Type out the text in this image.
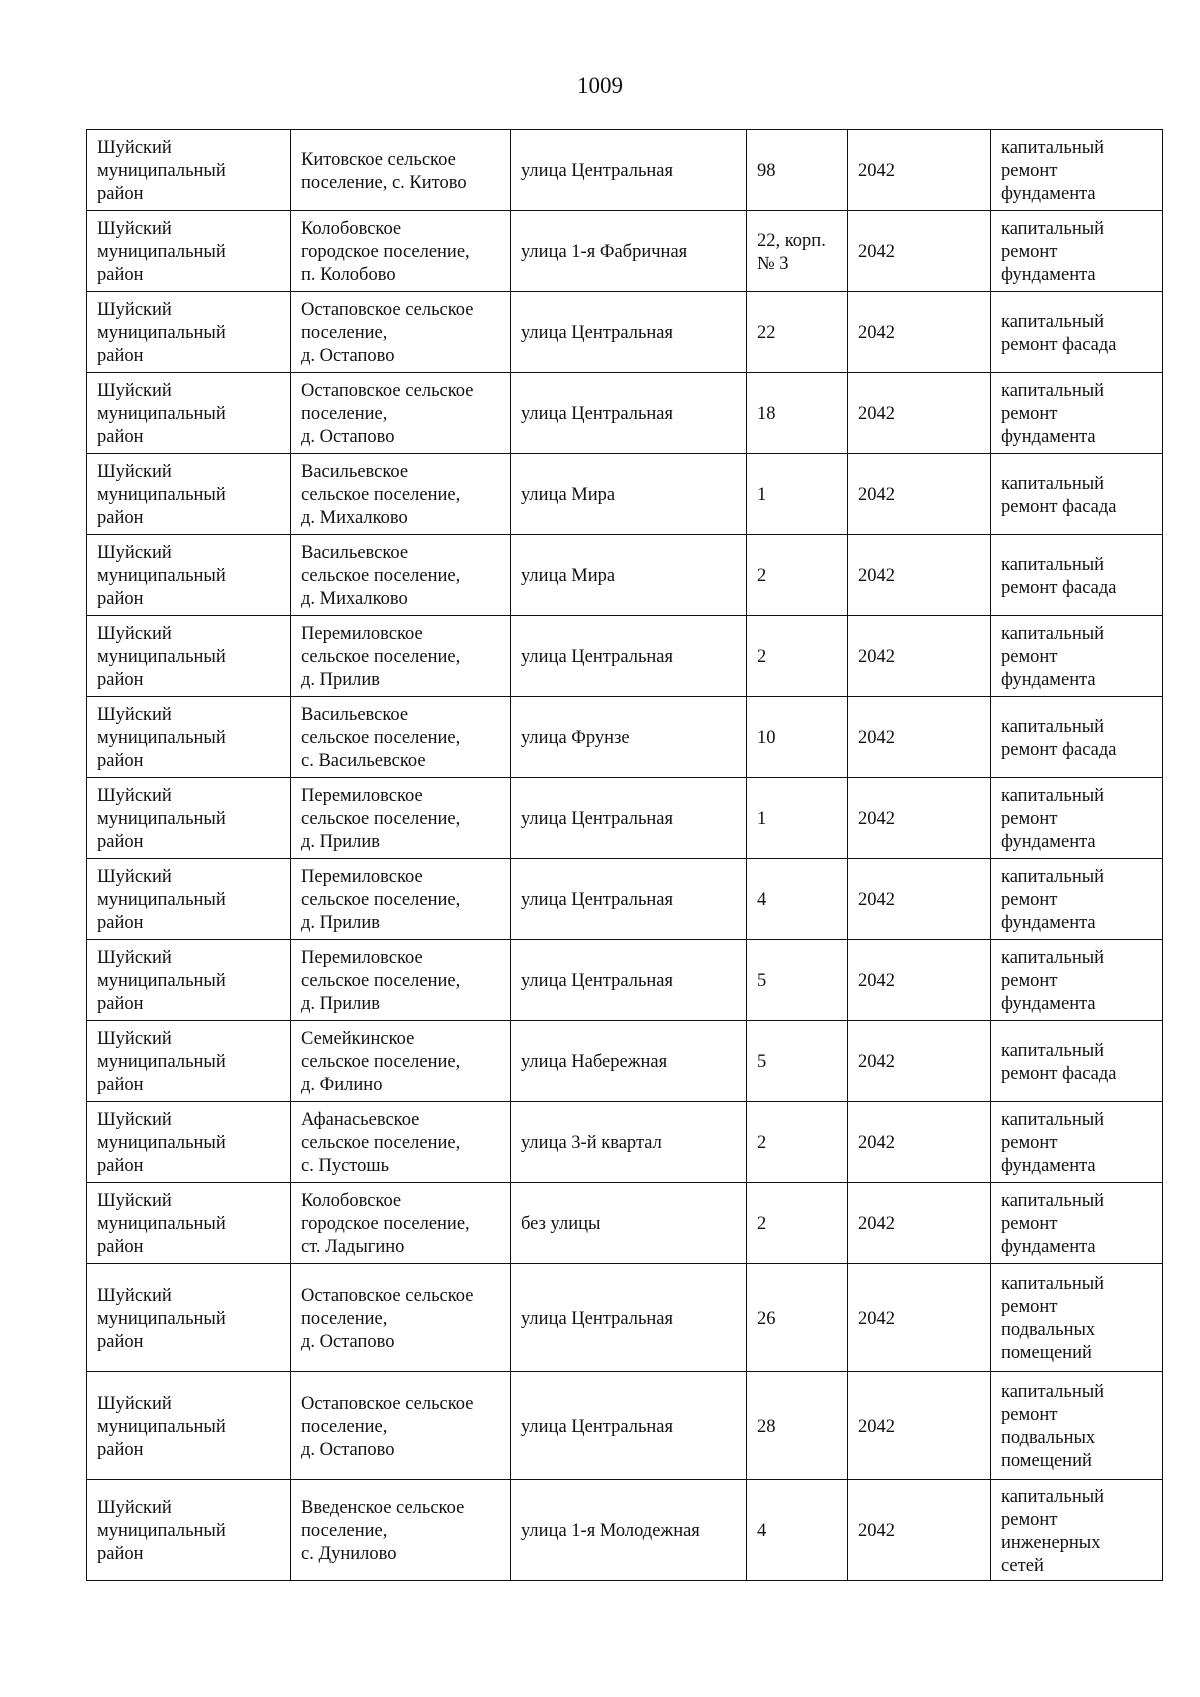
1009
Шуйский
муниципальный
район	Китовское сельское
поселение, с. Китово	улица Центральная	98	2042	капитальный
ремонт
фундамента
Шуйский
муниципальный
район	Колобовское
городское поселение,
п. Колобово	улица 1-я Фабричная	22, корп.
№ 3	2042	капитальный
ремонт
фундамента
Шуйский
муниципальный
район	Остаповское сельское
поселение,
д. Остапово	улица Центральная	22	2042	капитальный
ремонт фасада
Шуйский
муниципальный
район	Остаповское сельское
поселение,
д. Остапово	улица Центральная	18	2042	капитальный
ремонт
фундамента
Шуйский
муниципальный
район	Васильевское
сельское поселение,
д. Михалково	улица Мира	1	2042	капитальный
ремонт фасада
Шуйский
муниципальный
район	Васильевское
сельское поселение,
д. Михалково	улица Мира	2	2042	капитальный
ремонт фасада
Шуйский
муниципальный
район	Перемиловское
сельское поселение,
д. Прилив	улица Центральная	2	2042	капитальный
ремонт
фундамента
Шуйский
муниципальный
район	Васильевское
сельское поселение,
с. Васильевское	улица Фрунзе	10	2042	капитальный
ремонт фасада
Шуйский
муниципальный
район	Перемиловское
сельское поселение,
д. Прилив	улица Центральная	1	2042	капитальный
ремонт
фундамента
Шуйский
муниципальный
район	Перемиловское
сельское поселение,
д. Прилив	улица Центральная	4	2042	капитальный
ремонт
фундамента
Шуйский
муниципальный
район	Перемиловское
сельское поселение,
д. Прилив	улица Центральная	5	2042	капитальный
ремонт
фундамента
Шуйский
муниципальный
район	Семейкинское
сельское поселение,
д. Филино	улица Набережная	5	2042	капитальный
ремонт фасада
Шуйский
муниципальный
район	Афанасьевское
сельское поселение,
с. Пустошь	улица 3-й квартал	2	2042	капитальный
ремонт
фундамента
Шуйский
муниципальный
район	Колобовское
городское поселение,
ст. Ладыгино	без улицы	2	2042	капитальный
ремонт
фундамента
Шуйский
муниципальный
район	Остаповское сельское
поселение,
д. Остапово	улица Центральная	26	2042	капитальный
ремонт
подвальных
помещений
Шуйский
муниципальный
район	Остаповское сельское
поселение,
д. Остапово	улица Центральная	28	2042	капитальный
ремонт
подвальных
помещений
Шуйский
муниципальный
район	Введенское сельское
поселение,
с. Дунилово	улица 1-я Молодежная	4	2042	капитальный
ремонт
инженерных
сетей
